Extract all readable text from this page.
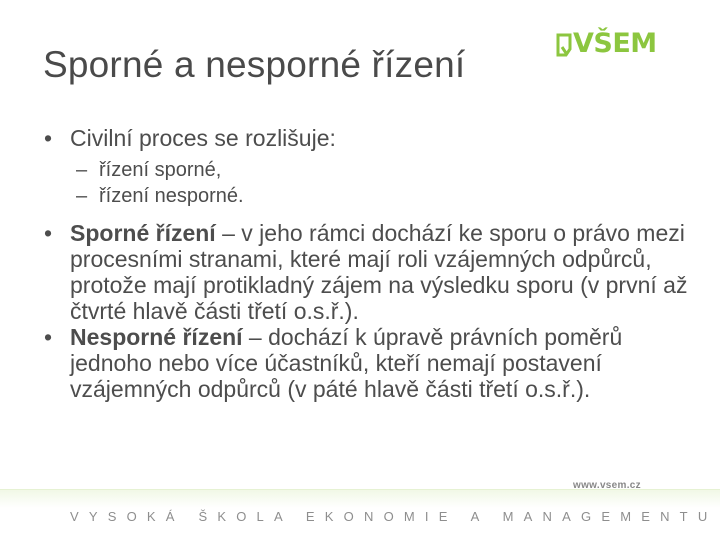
Sporné a nesporné řízení
VŠEM
• Civilní proces se rozlišuje:
– řízení sporné,
– řízení nesporné.
• Sporné řízení – v jeho rámci dochází ke sporu o právo mezi procesními stranami, které mají roli vzájemných odpůrců, protože mají protikladný zájem na výsledku sporu (v první až čtvrté hlavě části třetí o.s.ř.).
• Nesporné řízení – dochází k úpravě právních poměrů jednoho nebo více účastníků, kteří nemají postavení vzájemných odpůrců (v páté hlavě části třetí o.s.ř.).
www.vsem.cz
VYSOKÁ ŠKOLA EKONOMIE A MANAGEMENTU
